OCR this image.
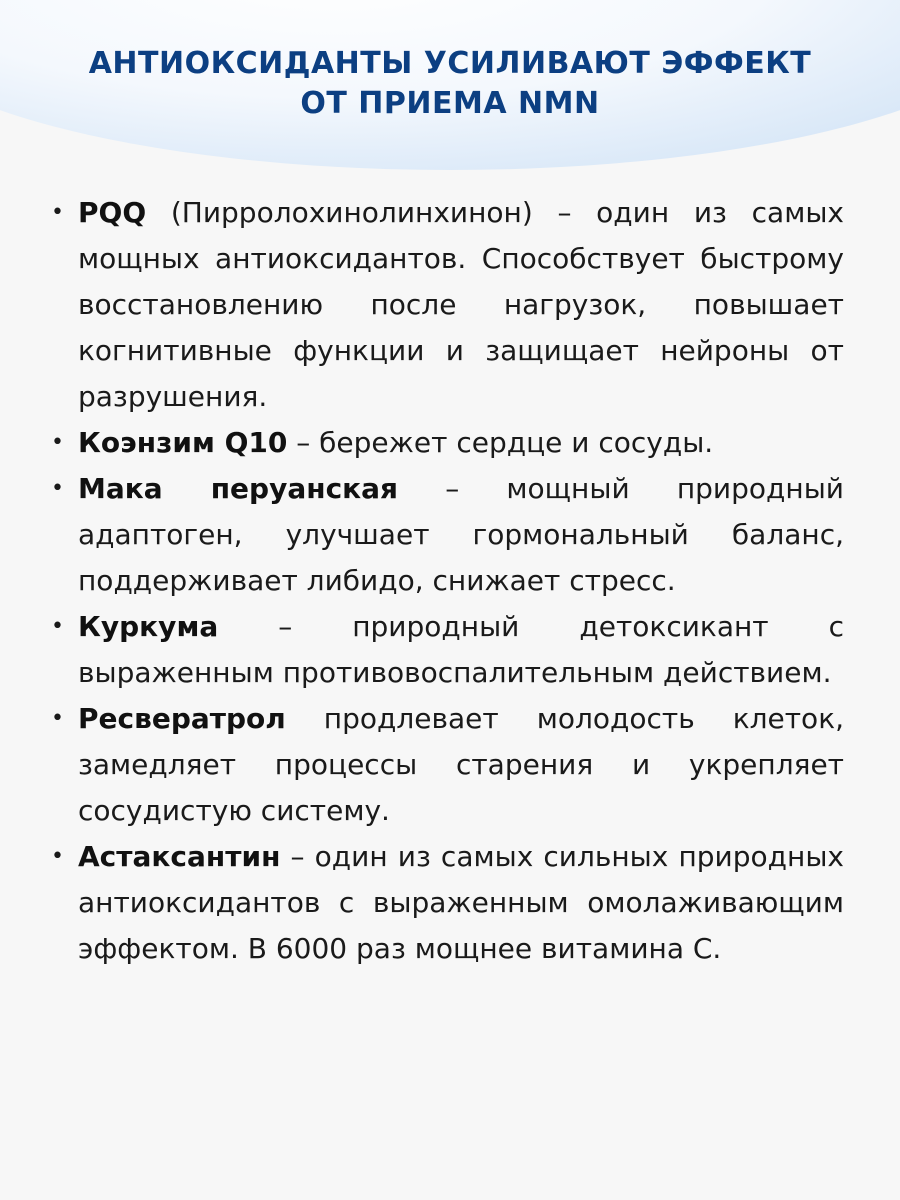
АНТИОКСИДАНТЫ УСИЛИВАЮТ ЭФФЕКТ
ОТ ПРИЕМА NMN
• PQQ (Пирролохинолинхинон) – один из самых мощных антиоксидантов. Способствует быстрому восстановлению после нагрузок, повышает когнитивные функции и защищает нейроны от разрушения.
• Коэнзим Q10 – бережет сердце и сосуды.
• Мака перуанская – мощный природный адаптоген, улучшает гормональный баланс, поддерживает либидо, снижает стресс.
• Куркума – природный детоксикант с выраженным противовоспалительным действием.
• Ресвератрол продлевает молодость клеток, замедляет процессы старения и укрепляет сосудистую систему.
• Астаксантин – один из самых сильных природных антиоксидантов с выраженным омолаживающим эффектом. В 6000 раз мощнее витамина С.
